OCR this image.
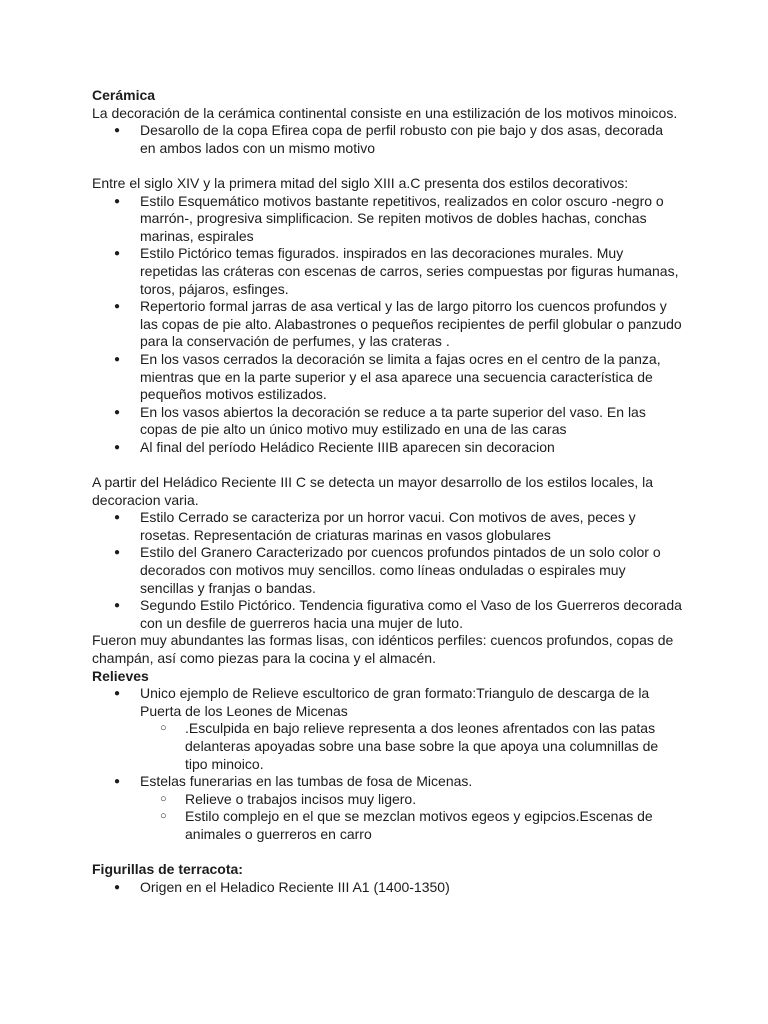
Cerámica

La decoración de la cerámica continental consiste en una estilización de los motivos minoicos.

● Desarollo de la copa Efirea copa de perfil robusto con pie bajo y dos asas, decorada en ambos lados con un mismo motivo

Entre el siglo XIV y la primera mitad del siglo XIII a.C presenta dos estilos decorativos:

● Estilo Esquemático motivos bastante repetitivos, realizados en color oscuro -negro o marrón-, progresiva simplificacion. Se repiten motivos de dobles hachas, conchas marinas, espirales
● Estilo Pictórico temas figurados. inspirados en las decoraciones murales. Muy repetidas las cráteras con escenas de carros, series compuestas por figuras humanas, toros, pájaros, esfinges.
● Repertorio formal jarras de asa vertical y las de largo pitorro los cuencos profundos y las copas de pie alto. Alabastrones o pequeños recipientes de perfil globular o panzudo para la conservación de perfumes, y las crateras .
● En los vasos cerrados la decoración se limita a fajas ocres en el centro de la panza, mientras que en la parte superior y el asa aparece una secuencia característica de pequeños motivos estilizados.
● En los vasos abiertos la decoración se reduce a ta parte superior del vaso. En las copas de pie alto un único motivo muy estilizado en una de las caras
● Al final del período Heládico Reciente IIIB aparecen sin decoracion

A partir del Heládico Reciente III C se detecta un mayor desarrollo de los estilos locales, la decoracion varia.

● Estilo Cerrado se caracteriza por un horror vacui. Con motivos de aves, peces y rosetas. Representación de criaturas marinas en vasos globulares
● Estilo del Granero Caracterizado por cuencos profundos pintados de un solo color o decorados con motivos muy sencillos. como líneas onduladas o espirales muy sencillas y franjas o bandas.
● Segundo Estilo Pictórico. Tendencia figurativa como el Vaso de los Guerreros decorada con un desfile de guerreros hacia una mujer de luto.

Fueron muy abundantes las formas lisas, con idénticos perfiles: cuencos profundos, copas de champán, así como piezas para la cocina y el almacén.

Relieves
● Unico ejemplo de Relieve escultorico de gran formato:Triangulo de descarga de la Puerta de los Leones de Micenas
○ .Esculpida en bajo relieve representa a dos leones afrentados con las patas delanteras apoyadas sobre una base sobre la que apoya una columnillas de tipo minoico.
● Estelas funerarias en las tumbas de fosa de Micenas.
○ Relieve o trabajos incisos muy ligero.
○ Estilo complejo en el que se mezclan motivos egeos y egipcios.Escenas de animales o guerreros en carro
Figurillas de terracota:
● Origen en el Heladico Reciente III A1 (1400-1350)
